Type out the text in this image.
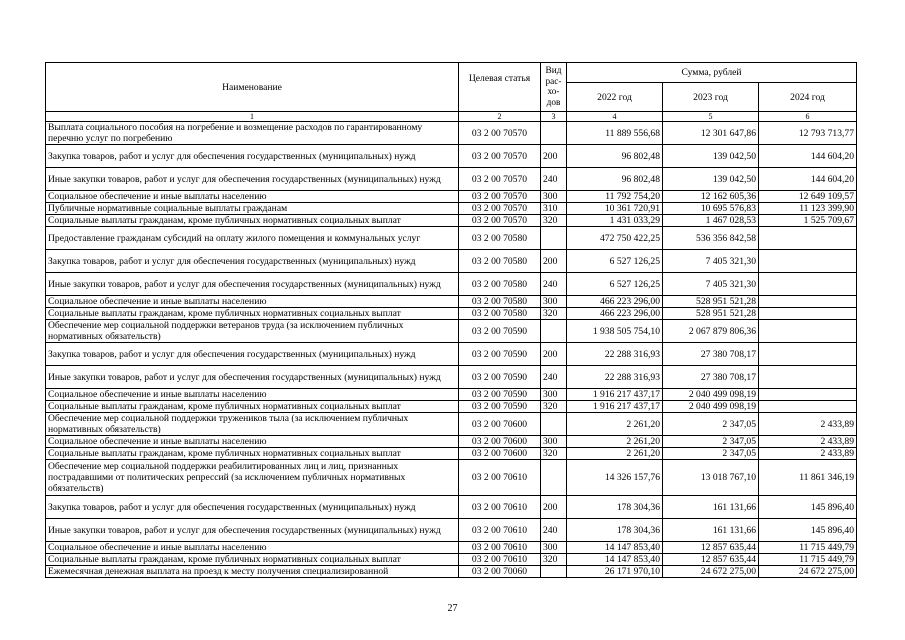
Наименование	Целевая статья	Вид рас-хо-дов	Сумма, рублей		
			2022 год	2023 год	2024 год
1	2	3	4	5	6
Выплата социального пособия на погребение и возмещение расходов по гарантированному перечню услуг по погребению	03 2 00 70570		11 889 556,68	12 301 647,86	12 793 713,77
Закупка товаров, работ и услуг для обеспечения государственных (муниципальных) нужд	03 2 00 70570	200	96 802,48	139 042,50	144 604,20
Иные закупки товаров, работ и услуг для обеспечения государственных (муниципальных) нужд	03 2 00 70570	240	96 802,48	139 042,50	144 604,20
Социальное обеспечение и иные выплаты населению	03 2 00 70570	300	11 792 754,20	12 162 605,36	12 649 109,57
Публичные нормативные социальные выплаты гражданам	03 2 00 70570	310	10 361 720,91	10 695 576,83	11 123 399,90
Социальные выплаты гражданам, кроме публичных нормативных социальных выплат	03 2 00 70570	320	1 431 033,29	1 467 028,53	1 525 709,67
Предоставление гражданам субсидий на оплату жилого помещения и коммунальных услуг	03 2 00 70580		472 750 422,25	536 356 842,58	
Закупка товаров, работ и услуг для обеспечения государственных (муниципальных) нужд	03 2 00 70580	200	6 527 126,25	7 405 321,30	
Иные закупки товаров, работ и услуг для обеспечения государственных (муниципальных) нужд	03 2 00 70580	240	6 527 126,25	7 405 321,30	
Социальное обеспечение и иные выплаты населению	03 2 00 70580	300	466 223 296,00	528 951 521,28	
Социальные выплаты гражданам, кроме публичных нормативных социальных выплат	03 2 00 70580	320	466 223 296,00	528 951 521,28	
Обеспечение мер социальной поддержки ветеранов труда (за исключением публичных нормативных обязательств)	03 2 00 70590		1 938 505 754,10	2 067 879 806,36	
Закупка товаров, работ и услуг для обеспечения государственных (муниципальных) нужд	03 2 00 70590	200	22 288 316,93	27 380 708,17	
Иные закупки товаров, работ и услуг для обеспечения государственных (муниципальных) нужд	03 2 00 70590	240	22 288 316,93	27 380 708,17	
Социальное обеспечение и иные выплаты населению	03 2 00 70590	300	1 916 217 437,17	2 040 499 098,19	
Социальные выплаты гражданам, кроме публичных нормативных социальных выплат	03 2 00 70590	320	1 916 217 437,17	2 040 499 098,19	
Обеспечение мер социальной поддержки тружеников тыла (за исключением публичных нормативных обязательств)	03 2 00 70600		2 261,20	2 347,05	2 433,89
Социальное обеспечение и иные выплаты населению	03 2 00 70600	300	2 261,20	2 347,05	2 433,89
Социальные выплаты гражданам, кроме публичных нормативных социальных выплат	03 2 00 70600	320	2 261,20	2 347,05	2 433,89
Обеспечение мер социальной поддержки реабилитированных лиц и лиц, признанных пострадавшими от политических репрессий (за исключением публичных нормативных обязательств)	03 2 00 70610		14 326 157,76	13 018 767,10	11 861 346,19
Закупка товаров, работ и услуг для обеспечения государственных (муниципальных) нужд	03 2 00 70610	200	178 304,36	161 131,66	145 896,40
Иные закупки товаров, работ и услуг для обеспечения государственных (муниципальных) нужд	03 2 00 70610	240	178 304,36	161 131,66	145 896,40
Социальное обеспечение и иные выплаты населению	03 2 00 70610	300	14 147 853,40	12 857 635,44	11 715 449,79
Социальные выплаты гражданам, кроме публичных нормативных социальных выплат	03 2 00 70610	320	14 147 853,40	12 857 635,44	11 715 449,79
Ежемесячная денежная выплата на проезд к месту получения специализированной	03 2 00 70060		26 171 970,10	24 672 275,00	24 672 275,00
27
